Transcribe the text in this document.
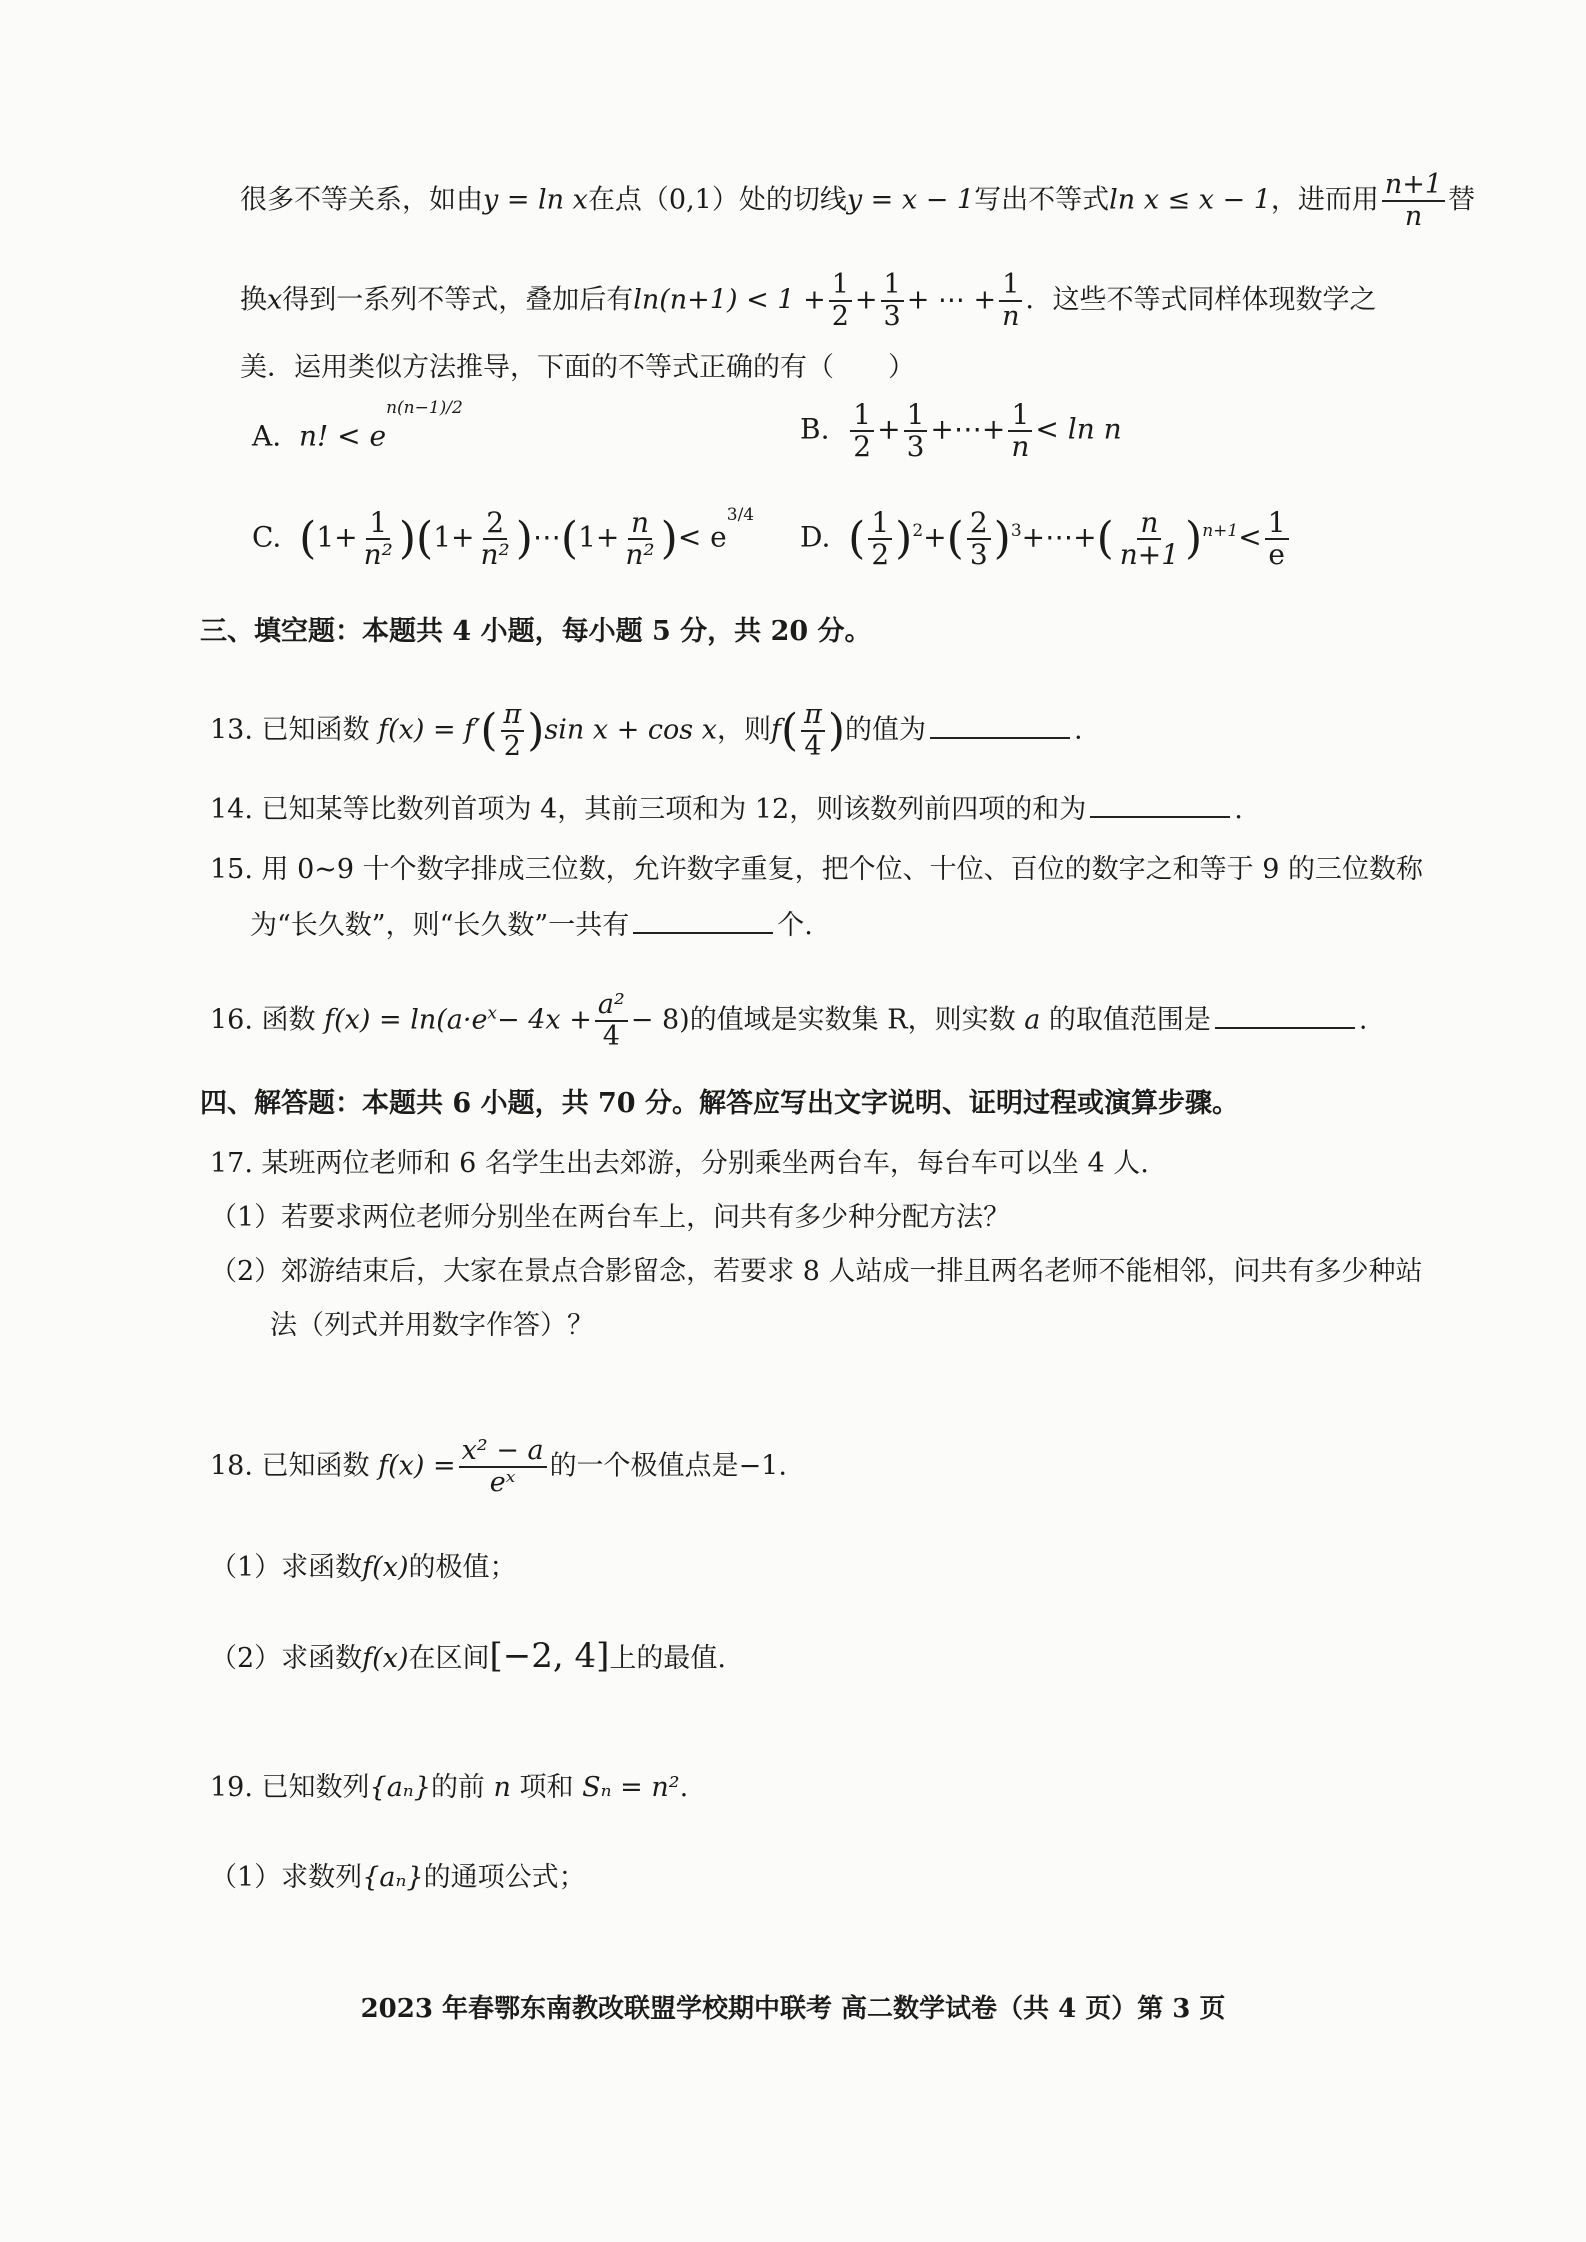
很多不等关系，如由y = ln x在点（0,1）处的切线y = x − 1写出不等式ln x ≤ x − 1，进而用 $\frac{n+1}{n}$ 替
换x得到一系列不等式，叠加后有$\ln(n+1) < 1 + \frac{1}{2} + \frac{1}{3}$ + ⋯ + $\frac{1}{n}$ ．这些不等式同样体现数学之
美．运用类似方法推导，下面的不等式正确的有（　　）
A. n! < $e^{n(n-1)/2}$
B. $\frac{1}{2} + \frac{1}{3}$ +⋯+ $\frac{1}{n} < \ln n$
C. $(1+ \frac{1}{\text{n²}} )(1+ \frac{2}{\text{n²}}$ )⋯(1+ $\frac{n}{\text{n²}}$ )< $e^{3/4}$
D. ( $\frac{1}{2} )^2+( \frac{2}{3}$ )$^3+\cdots+( \frac{n}{n+1} )^{n+1}< \frac{1}{e}$
三、填空题：本题共 4 小题，每小题 5 分，共 20 分。
13. 已知函数 $f(x) = f'( \frac{\pi}{2} )\sin$ x + cos x，则$f( \frac{\pi}{4}$ )的值为	.
14. 已知某等比数列首项为 4，其前三项和为 12，则该数列前四项的和为	.
15. 用 0~9 十个数字排成三位数，允许数字重复，把个位、十位、百位的数字之和等于 9 的三位数称
为“长久数”，则“长久数”一共有	个.
16. 函数 $f(x) = \ln(a\cdot e^x- 4x + \frac{\text{a²}}{4} - 8)$的值域是实数集 R，则实数 a 的取值范围是	.
四、解答题：本题共 6 小题，共 70 分。解答应写出文字说明、证明过程或演算步骤。
17. 某班两位老师和 6 名学生出去郊游，分别乘坐两台车，每台车可以坐 4 人.
（1）若要求两位老师分别坐在两台车上，问共有多少种分配方法？
（2）郊游结束后，大家在景点合影留念，若要求 8 人站成一排且两名老师不能相邻，问共有多少种站
法（列式并用数字作答）？
18. 已知函数 $f(x) = \frac{\text{x² − a}}{\text{eˣ}}$ 的一个极值点是−1.
（1）求函数f(x)的极值；
（2）求函数f(x)在区间[−2, 4]上的最值.
19. 已知数列{aₙ}的前 n 项和 Sₙ = n².
（1）求数列{aₙ}的通项公式；
2023 年春鄂东南教改联盟学校期中联考 高二数学试卷（共 4 页）第 3 页
